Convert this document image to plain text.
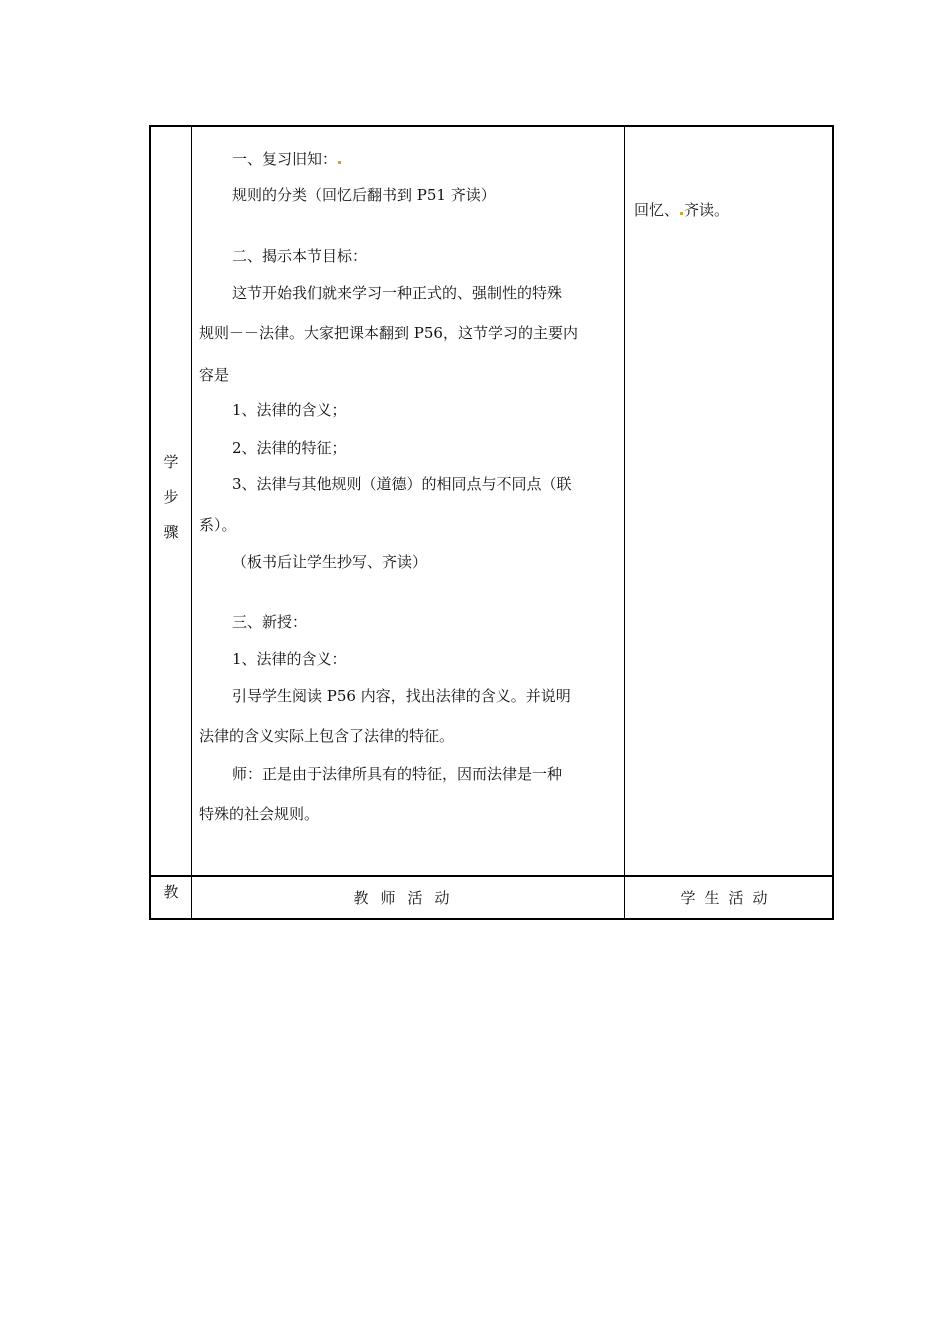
学
步
骤
一、复习旧知：
规则的分类（回忆后翻书到 P51 齐读）
二、揭示本节目标：
这节开始我们就来学习一种正式的、强制性的特殊
规则－－法律。大家把课本翻到 P56，这节学习的主要内
容是
1、法律的含义；
2、法律的特征；
3、法律与其他规则（道德）的相同点与不同点（联
系）。
（板书后让学生抄写、齐读）
三、新授：
1、法律的含义：
引导学生阅读 P56 内容，找出法律的含义。并说明
法律的含义实际上包含了法律的特征。
师：正是由于法律所具有的特征，因而法律是一种
特殊的社会规则。
回忆、 齐读。
教	教师活动	学生活动
